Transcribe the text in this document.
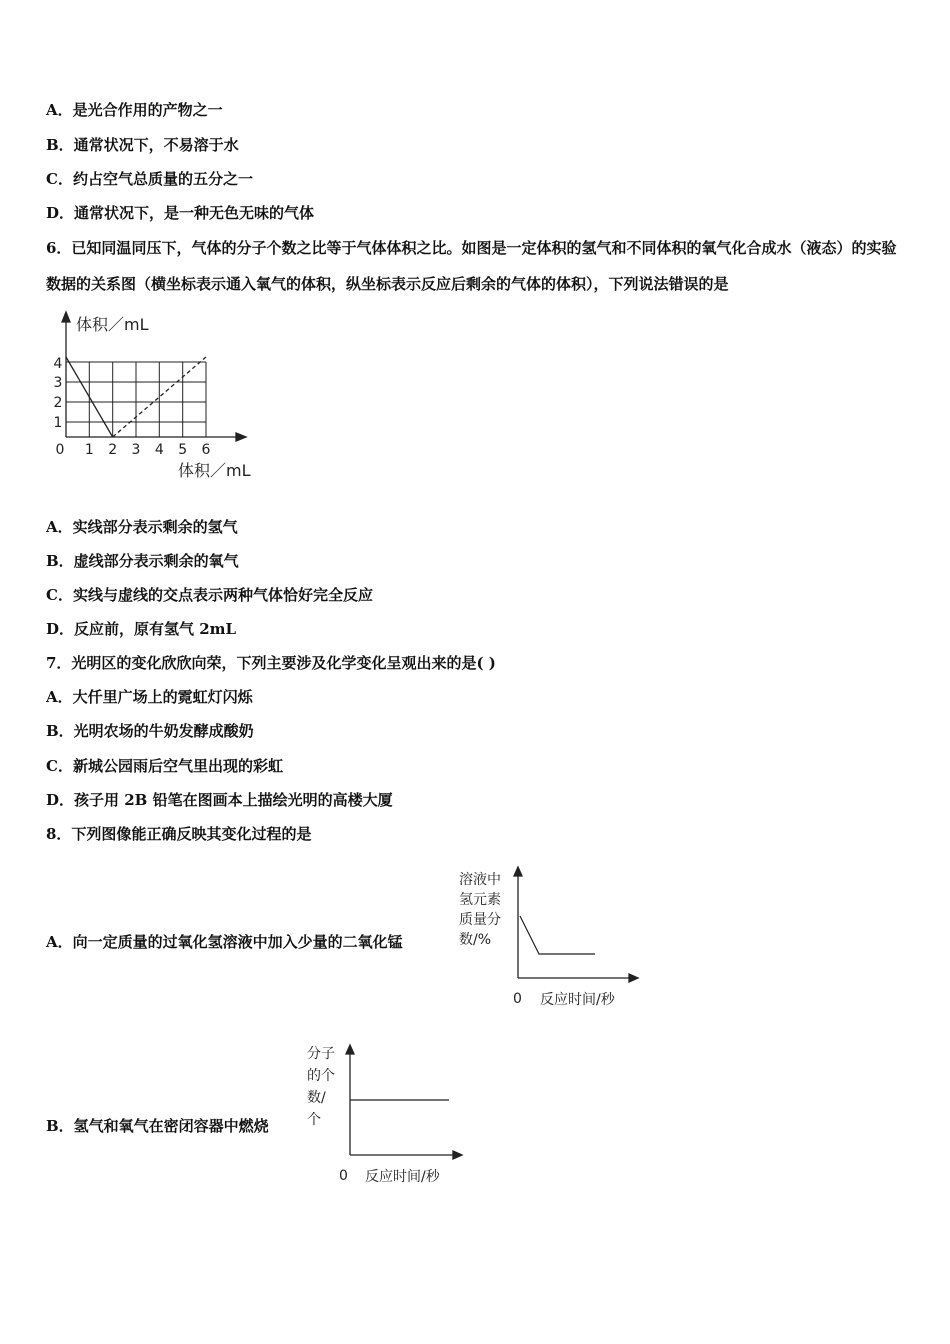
A．是光合作用的产物之一
B．通常状况下，不易溶于水
C．约占空气总质量的五分之一
D．通常状况下，是一种无色无味的气体
6．已知同温同压下，气体的分子个数之比等于气体体积之比。如图是一定体积的氢气和不同体积的氧气化合成水（液态）的实验数据的关系图（横坐标表示通入氧气的体积，纵坐标表示反应后剩余的气体的体积），下列说法错误的是
体积／mL
体积／mL
0 1 2 3 4 5 6
1
2
3
4
A．实线部分表示剩余的氢气
B．虚线部分表示剩余的氧气
C．实线与虚线的交点表示两种气体恰好完全反应
D．反应前，原有氢气 2mL
7．光明区的变化欣欣向荣，下列主要涉及化学变化呈观出来的是( )
A．大仟里广场上的霓虹灯闪烁
B．光明农场的牛奶发酵成酸奶
C．新城公园雨后空气里出现的彩虹
D．孩子用 2B 铅笔在图画本上描绘光明的高楼大厦
8．下列图像能正确反映其变化过程的是
A．向一定质量的过氧化氢溶液中加入少量的二氧化锰
溶液中
氢元素
质量分
数/%
0 反应时间/秒
B．氢气和氧气在密闭容器中燃烧
分子
的个
数/
个
0 反应时间/秒
